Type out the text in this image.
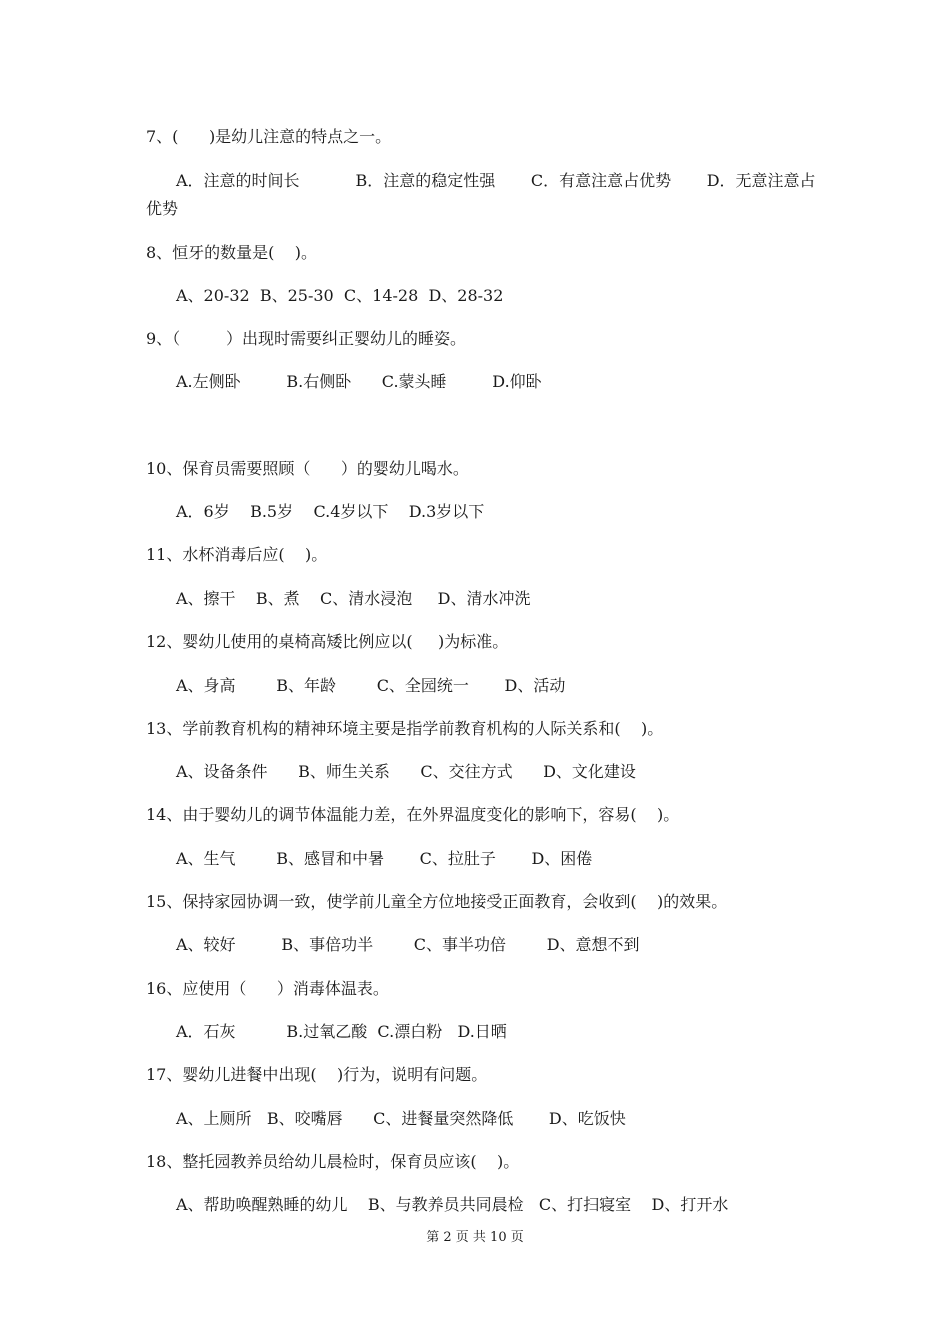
7、(      )是幼儿注意的特点之一。
A．注意的时间长           B．注意的稳定性强       C．有意注意占优势       D．无意注意占
优势
8、恒牙的数量是(    )。
A、20-32  B、25-30  C、14-28  D、28-32
9、（         ）出现时需要纠正婴幼儿的睡姿。
A.左侧卧         B.右侧卧      C.蒙头睡         D.仰卧
10、保育员需要照顾（      ）的婴幼儿喝水。
A．6岁    B.5岁    C.4岁以下    D.3岁以下
11、水杯消毒后应(    )。
A、擦干    B、煮    C、清水浸泡     D、清水冲洗
12、婴幼儿使用的桌椅高矮比例应以(     )为标准。
A、身高        B、年龄        C、全园统一       D、活动
13、学前教育机构的精神环境主要是指学前教育机构的人际关系和(    )。
A、设备条件      B、师生关系      C、交往方式      D、文化建设
14、由于婴幼儿的调节体温能力差，在外界温度变化的影响下，容易(    )。
A、生气        B、感冒和中暑       C、拉肚子       D、困倦
15、保持家园协调一致，使学前儿童全方位地接受正面教育，会收到(    )的效果。
A、较好         B、事倍功半        C、事半功倍        D、意想不到
16、应使用（      ）消毒体温表。
A．石灰          B.过氧乙酸  C.漂白粉   D.日晒
17、婴幼儿进餐中出现(    )行为，说明有问题。
A、上厕所   B、咬嘴唇      C、进餐量突然降低       D、吃饭快
18、整托园教养员给幼儿晨检时，保育员应该(    )。
A、帮助唤醒熟睡的幼儿    B、与教养员共同晨检   C、打扫寝室    D、打开水
第 2 页 共 10 页
